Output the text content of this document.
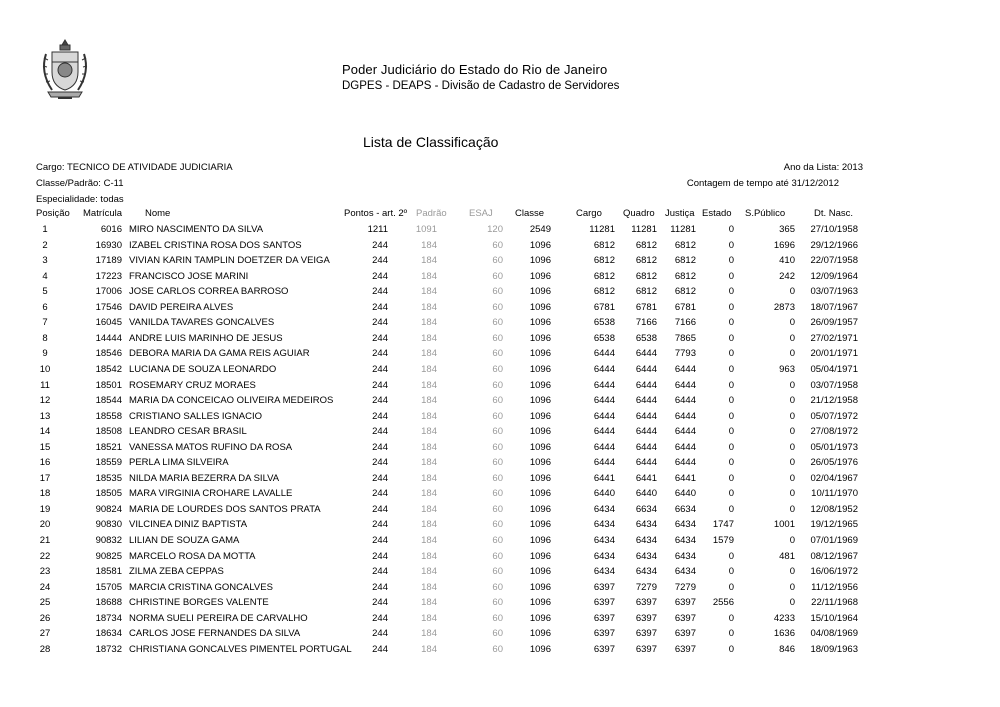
Poder Judiciário do Estado do Rio de Janeiro
DGPES - DEAPS - Divisão de Cadastro de Servidores
Lista de Classificação
Cargo: TECNICO DE ATIVIDADE JUDICIARIA
Classe/Padrão: C-11
Especialidade: todas
Ano da Lista: 2013
Contagem de tempo até 31/12/2012
Posição Matrícula Nome	Pontos - art. 2º Padrão ESAJ Classe	Cargo Quadro Justiça Estado S.Público	Dt. Nasc.
1	6016 MIRO NASCIMENTO DA SILVA	1211	1091	120	2549	11281	11281	11281	0	365	27/10/1958
2	16930 IZABEL CRISTINA ROSA DOS SANTOS	244	184	60	1096	6812	6812	6812	0	1696	29/12/1966
3	17189 VIVIAN KARIN TAMPLIN DOETZER DA VEIGA	244	184	60	1096	6812	6812	6812	0	410	22/07/1958
4	17223 FRANCISCO JOSE MARINI	244	184	60	1096	6812	6812	6812	0	242	12/09/1964
5	17006 JOSE CARLOS CORREA BARROSO	244	184	60	1096	6812	6812	6812	0	0	03/07/1963
6	17546 DAVID PEREIRA ALVES	244	184	60	1096	6781	6781	6781	0	2873	18/07/1967
7	16045 VANILDA TAVARES GONCALVES	244	184	60	1096	6538	7166	7166	0	0	26/09/1957
8	14444 ANDRE LUIS MARINHO DE JESUS	244	184	60	1096	6538	6538	7865	0	0	27/02/1971
9	18546 DEBORA MARIA DA GAMA REIS AGUIAR	244	184	60	1096	6444	6444	7793	0	0	20/01/1971
10	18542 LUCIANA DE SOUZA LEONARDO	244	184	60	1096	6444	6444	6444	0	963	05/04/1971
11	18501 ROSEMARY CRUZ MORAES	244	184	60	1096	6444	6444	6444	0	0	03/07/1958
12	18544 MARIA DA CONCEICAO OLIVEIRA MEDEIROS	244	184	60	1096	6444	6444	6444	0	0	21/12/1958
13	18558 CRISTIANO SALLES IGNACIO	244	184	60	1096	6444	6444	6444	0	0	05/07/1972
14	18508 LEANDRO CESAR BRASIL	244	184	60	1096	6444	6444	6444	0	0	27/08/1972
15	18521 VANESSA MATOS RUFINO DA ROSA	244	184	60	1096	6444	6444	6444	0	0	05/01/1973
16	18559 PERLA LIMA SILVEIRA	244	184	60	1096	6444	6444	6444	0	0	26/05/1976
17	18535 NILDA MARIA BEZERRA DA SILVA	244	184	60	1096	6441	6441	6441	0	0	02/04/1967
18	18505 MARA VIRGINIA CROHARE LAVALLE	244	184	60	1096	6440	6440	6440	0	0	10/11/1970
19	90824 MARIA DE LOURDES DOS SANTOS PRATA	244	184	60	1096	6434	6634	6634	0	0	12/08/1952
20	90830 VILCINEA DINIZ BAPTISTA	244	184	60	1096	6434	6434	6434	1747	1001	19/12/1965
21	90832 LILIAN DE SOUZA GAMA	244	184	60	1096	6434	6434	6434	1579	0	07/01/1969
22	90825 MARCELO ROSA DA MOTTA	244	184	60	1096	6434	6434	6434	0	481	08/12/1967
23	18581 ZILMA ZEBA CEPPAS	244	184	60	1096	6434	6434	6434	0	0	16/06/1972
24	15705 MARCIA CRISTINA GONCALVES	244	184	60	1096	6397	7279	7279	0	0	11/12/1956
25	18688 CHRISTINE BORGES VALENTE	244	184	60	1096	6397	6397	6397	2556	0	22/11/1968
26	18734 NORMA SUELI PEREIRA DE CARVALHO	244	184	60	1096	6397	6397	6397	0	4233	15/10/1964
27	18634 CARLOS JOSE FERNANDES DA SILVA	244	184	60	1096	6397	6397	6397	0	1636	04/08/1969
28	18732 CHRISTIANA GONCALVES PIMENTEL PORTUGAL	244	184	60	1096	6397	6397	6397	0	846	18/09/1963
